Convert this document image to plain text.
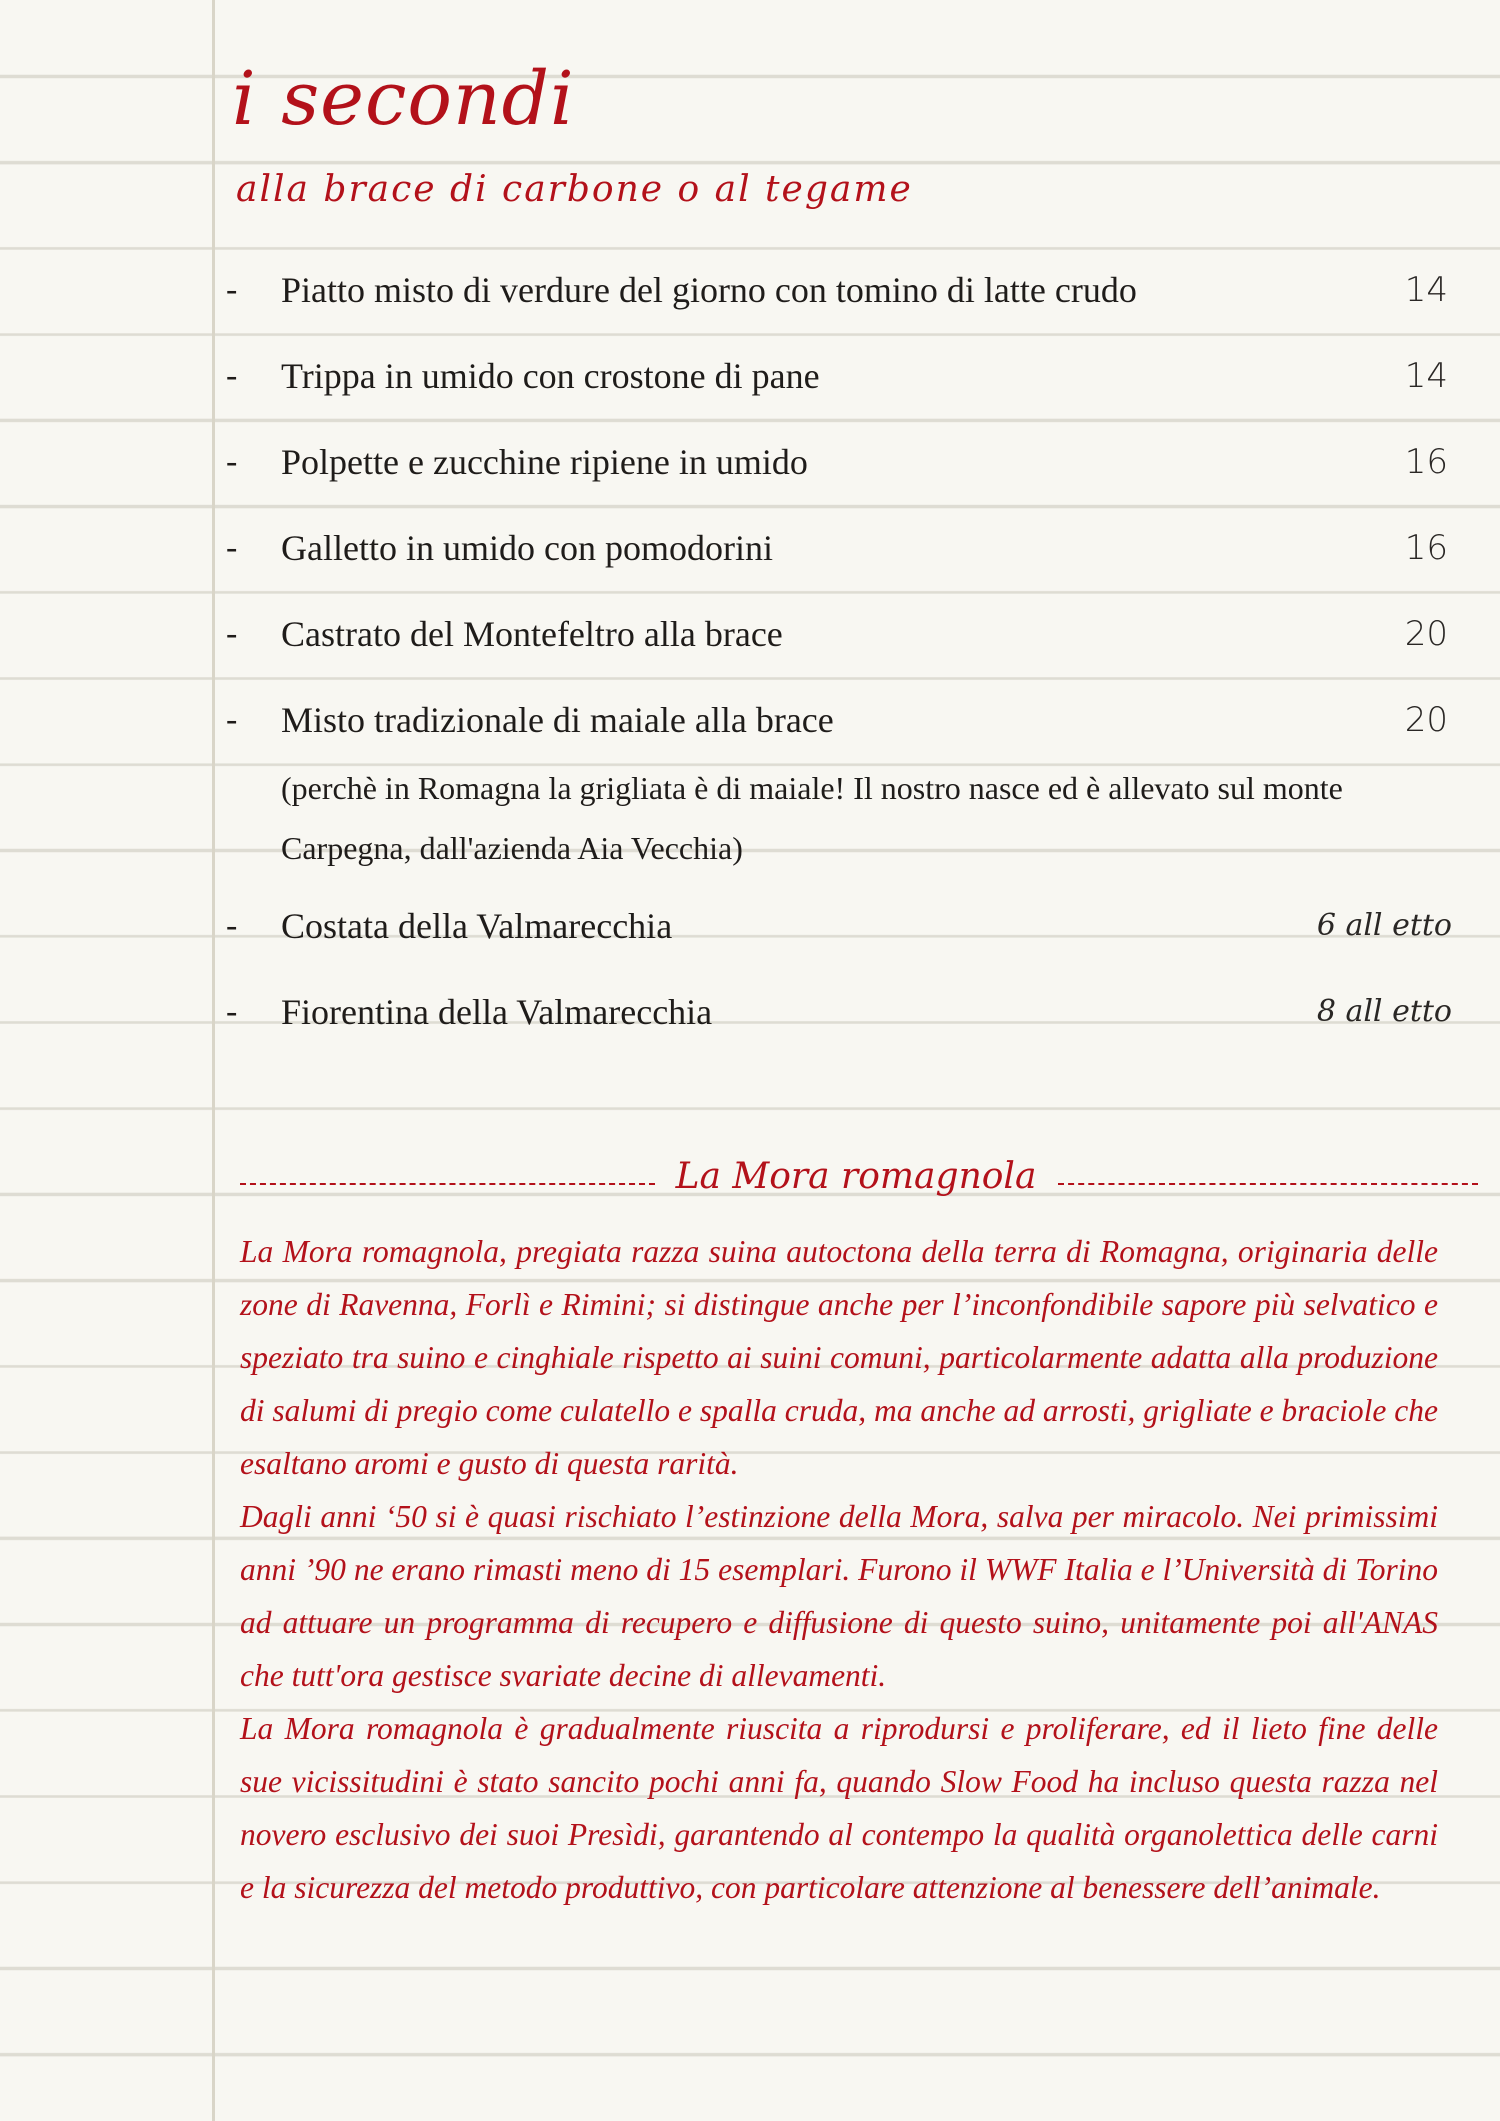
i secondi
alla brace di carbone o al tegame
- Piatto misto di verdure del giorno con tomino di latte crudo	14
- Trippa in umido con crostone di pane	14
- Polpette e zucchine ripiene in umido	16
- Galletto in umido con pomodorini	16
- Castrato del Montefeltro alla brace	20
- Misto tradizionale di maiale alla brace	20
(perchè in Romagna la grigliata è di maiale! Il nostro nasce ed è allevato sul monte Carpegna, dall'azienda Aia Vecchia)
- Costata della Valmarecchia	6 all etto
- Fiorentina della Valmarecchia	8 all etto
La Mora romagnola

La Mora romagnola, pregiata razza suina autoctona della terra di Romagna, originaria delle zone di Ravenna, Forlì e Rimini; si distingue anche per l’inconfondibile sapore più selvatico e speziato tra suino e cinghiale rispetto ai suini comuni, particolarmente adatta alla produzione di salumi di pregio come culatello e spalla cruda, ma anche ad arrosti, grigliate e braciole che esaltano aromi e gusto di questa rarità.

Dagli anni ‘50 si è quasi rischiato l’estinzione della Mora, salva per miracolo. Nei primissimi anni ’90 ne erano rimasti meno di 15 esemplari. Furono il WWF Italia e l’Università di Torino ad attuare un programma di recupero e diffusione di questo suino, unitamente poi all'ANAS che tutt'ora gestisce svariate decine di allevamenti.

La Mora romagnola è gradualmente riuscita a riprodursi e proliferare, ed il lieto fine delle sue vicissitudini è stato sancito pochi anni fa, quando Slow Food ha incluso questa razza nel novero esclusivo dei suoi Presìdi, garantendo al contempo la qualità organolettica delle carni e la sicurezza del metodo produttivo, con particolare attenzione al benessere dell’animale.
